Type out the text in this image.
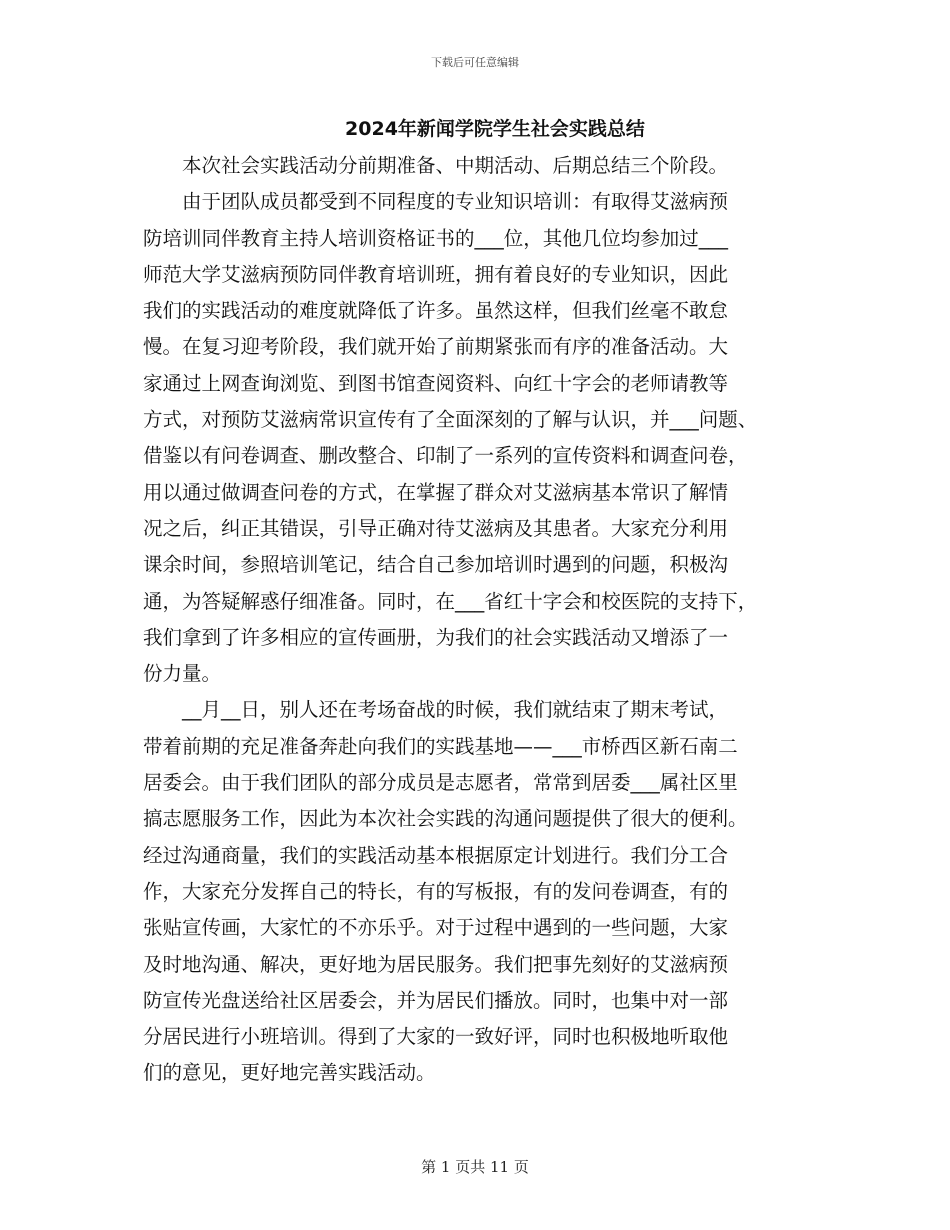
下载后可任意编辑
2024年新闻学院学生社会实践总结
本次社会实践活动分前期准备、中期活动、后期总结三个阶段。
由于团队成员都受到不同程度的专业知识培训：有取得艾滋病预
防培训同伴教育主持人培训资格证书的___位，其他几位均参加过___
师范大学艾滋病预防同伴教育培训班，拥有着良好的专业知识，因此
我们的实践活动的难度就降低了许多。虽然这样，但我们丝毫不敢怠
慢。在复习迎考阶段，我们就开始了前期紧张而有序的准备活动。大
家通过上网查询浏览、到图书馆查阅资料、向红十字会的老师请教等
方式，对预防艾滋病常识宣传有了全面深刻的了解与认识，并___问题、
借鉴以有问卷调查、删改整合、印制了一系列的宣传资料和调查问卷，
用以通过做调查问卷的方式，在掌握了群众对艾滋病基本常识了解情
况之后，纠正其错误，引导正确对待艾滋病及其患者。大家充分利用
课余时间，参照培训笔记，结合自己参加培训时遇到的问题，积极沟
通，为答疑解惑仔细准备。同时，在___省红十字会和校医院的支持下，
我们拿到了许多相应的宣传画册，为我们的社会实践活动又增添了一
份力量。
__月__日，别人还在考场奋战的时候，我们就结束了期末考试，
带着前期的充足准备奔赴向我们的实践基地——___市桥西区新石南二
居委会。由于我们团队的部分成员是志愿者，常常到居委___属社区里
搞志愿服务工作，因此为本次社会实践的沟通问题提供了很大的便利。
经过沟通商量，我们的实践活动基本根据原定计划进行。我们分工合
作，大家充分发挥自己的特长，有的写板报，有的发问卷调查，有的
张贴宣传画，大家忙的不亦乐乎。对于过程中遇到的一些问题，大家
及时地沟通、解决，更好地为居民服务。我们把事先刻好的艾滋病预
防宣传光盘送给社区居委会，并为居民们播放。同时，也集中对一部
分居民进行小班培训。得到了大家的一致好评，同时也积极地听取他
们的意见，更好地完善实践活动。
第 1 页共 11 页
